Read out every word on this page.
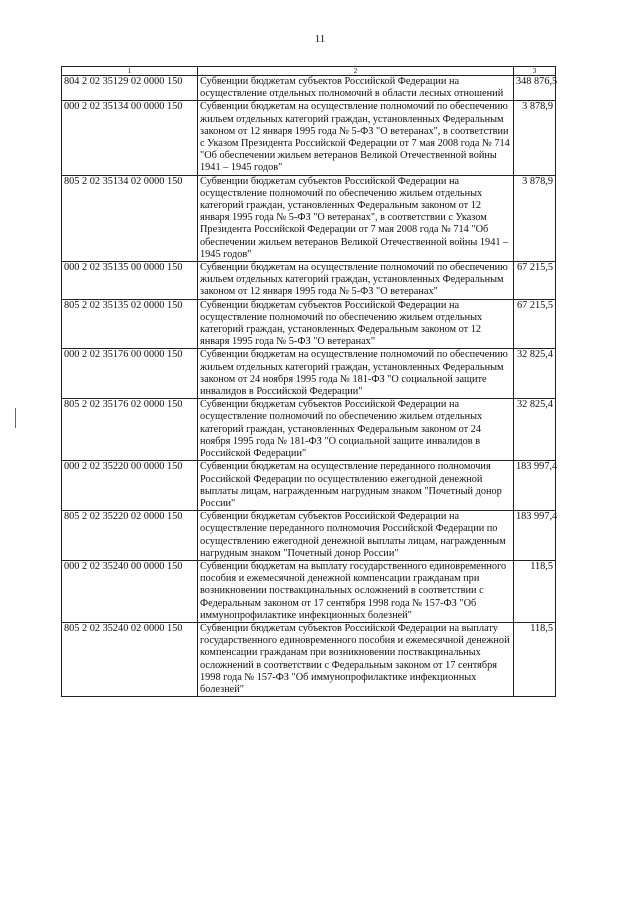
11
1	2	3
804 2 02 35129 02 0000 150	Субвенции бюджетам субъектов Российской Федерации на осуществление отдельных полномочий в области лесных отношений	348 876,5
000 2 02 35134 00 0000 150	Субвенции бюджетам на осуществление полномочий по обеспечению жильем отдельных категорий граждан, установленных Федеральным законом от 12 января 1995 года № 5-ФЗ "О ветеранах", в соответствии с Указом Президента Российской Федерации от 7 мая 2008 года № 714 "Об обеспечении жильем ветеранов Великой Отечественной войны 1941 – 1945 годов"	3 878,9
805 2 02 35134 02 0000 150	Субвенции бюджетам субъектов Российской Федерации на осуществление полномочий по обеспечению жильем отдельных категорий граждан, установленных Федеральным законом от 12 января 1995 года № 5-ФЗ "О ветеранах", в соответствии с Указом Президента Российской Федерации от 7 мая 2008 года № 714 "Об обеспечении жильем ветеранов Великой Отечественной войны 1941 – 1945 годов"	3 878,9
000 2 02 35135 00 0000 150	Субвенции бюджетам на осуществление полномочий по обеспечению жильем отдельных категорий граждан, установленных Федеральным законом от 12 января 1995 года № 5-ФЗ "О ветеранах"	67 215,5
805 2 02 35135 02 0000 150	Субвенции бюджетам субъектов Российской Федерации на осуществление полномочий по обеспечению жильем отдельных категорий граждан, установленных Федеральным законом от 12 января 1995 года № 5-ФЗ "О ветеранах"	67 215,5
000 2 02 35176 00 0000 150	Субвенции бюджетам на осуществление полномочий по обеспечению жильем отдельных категорий граждан, установленных Федеральным законом от 24 ноября 1995 года № 181-ФЗ "О социальной защите инвалидов в Российской Федерации"	32 825,4
805 2 02 35176 02 0000 150	Субвенции бюджетам субъектов Российской Федерации на осуществление полномочий по обеспечению жильем отдельных категорий граждан, установленных Федеральным законом от 24 ноября 1995 года № 181-ФЗ "О социальной защите инвалидов в Российской Федерации"	32 825,4
000 2 02 35220 00 0000 150	Субвенции бюджетам на осуществление переданного полномочия Российской Федерации по осуществлению ежегодной денежной выплаты лицам, награжденным нагрудным знаком "Почетный донор России"	183 997,4
805 2 02 35220 02 0000 150	Субвенции бюджетам субъектов Российской Федерации на осуществление переданного полномочия Российской Федерации по осуществлению ежегодной денежной выплаты лицам, награжденным нагрудным знаком "Почетный донор России"	183 997,4
000 2 02 35240 00 0000 150	Субвенции бюджетам на выплату государственного единовременного пособия и ежемесячной денежной компенсации гражданам при возникновении поствакцинальных осложнений в соответствии с Федеральным законом от 17 сентября 1998 года № 157-ФЗ "Об иммунопрофилактике инфекционных болезней"	118,5
805 2 02 35240 02 0000 150	Субвенции бюджетам субъектов Российской Федерации на выплату государственного единовременного пособия и ежемесячной денежной компенсации гражданам при возникновении поствакцинальных осложнений в соответствии с Федеральным законом от 17 сентября 1998 года № 157-ФЗ "Об иммунопрофилактике инфекционных болезней"	118,5
